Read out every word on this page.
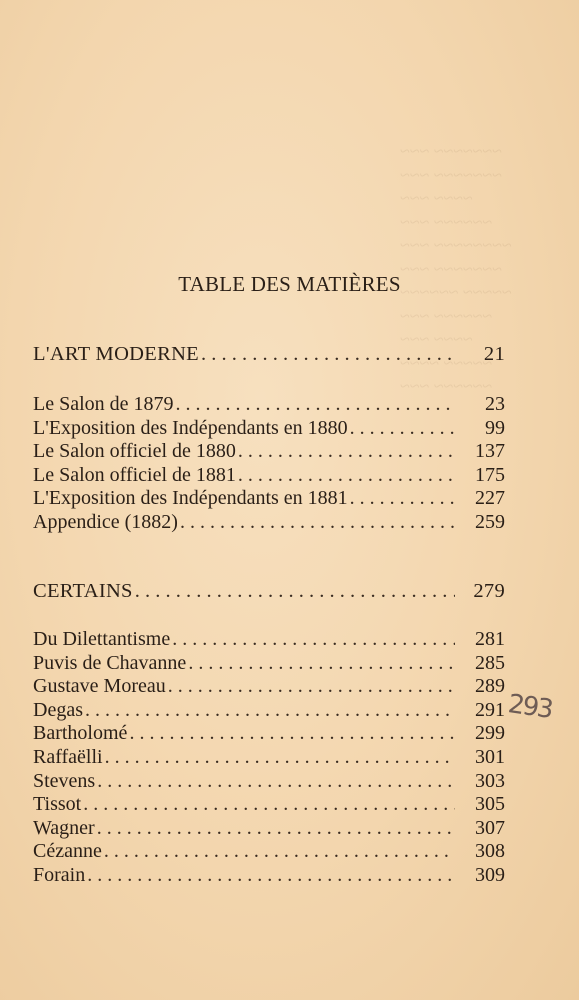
~~~~~~~ ~~~
~~~~~~~ ~~~
~~~~ ~~~
~~~~~~ ~~~
~~~~~~~~ ~~~
~~~~~~~ ~~~
~~~~~ ~~~~~~
~~~~~~ ~~~
~~~~ ~~~
~~~~~ ~~~~
~~~~~~ ~~~
TABLE DES MATIÈRES
L'ART MODERNE . . .	21
Le Salon de 1879 . . .	23
L'Exposition des Indépendants en 1880 . . .	99
Le Salon officiel de 1880 . . .	137
Le Salon officiel de 1881 . . .	175
L'Exposition des Indépendants en 1881 . . .	227
Appendice (1882) . . .	259
CERTAINS . . .	279
Du Dilettantisme . . .	281
Puvis de Chavanne . . .	285
Gustave Moreau . . .	289
Degas . . .	291
Bartholomé . . .	299
Raffaëlli . . .	301
Stevens . . .	303
Tissot . . .	305
Wagner . . .	307
Cézanne . . .	308
Forain . . .	309
293
